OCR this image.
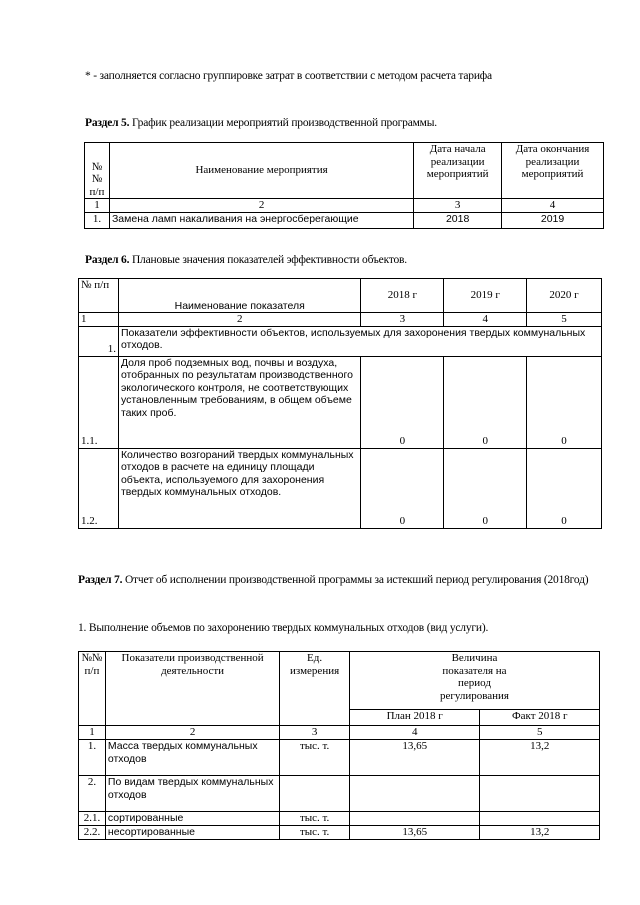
* - заполняется согласно группировке затрат в соответствии с методом расчета тарифа
Раздел 5. График реализации мероприятий производственной программы.
№№ п/п	Наименование мероприятия	Дата начала реализации мероприятий	Дата окончания реализации мероприятий
1	2	3	4
1.	Замена ламп накаливания на энергосберегающие	2018	2019
Раздел 6. Плановые значения показателей эффективности объектов.
№ п/п	Наименование показателя	2018 г	2019 г	2020 г
1	2	3	4	5
1.	Показатели эффективности объектов, используемых для захоронения твердых коммунальных отходов.			
1.1.	Доля проб подземных вод, почвы и воздуха, отобранных по результатам производственного экологического контроля, не соответствующих установленным требованиям, в общем объеме таких проб.	0	0	0
1.2.	Количество возгораний твердых коммунальных отходов в расчете на единицу площади объекта, используемого для захоронения твердых коммунальных отходов.	0	0	0
Раздел 7. Отчет об исполнении производственной программы за истекший период регулирования (2018год)
1. Выполнение объемов по захоронению твердых коммунальных отходов (вид услуги).
№№ п/п	Показатели производственной деятельности	Ед. измерения	Величина показателя на период регулирования	
			План 2018 г	Факт 2018 г
1	2	3	4	5
1.	Масса твердых коммунальных отходов	тыс. т.	13,65	13,2
2.	По видам твердых коммунальных отходов			
2.1.	сортированные	тыс. т.		
2.2.	несортированные	тыс. т.	13,65	13,2
